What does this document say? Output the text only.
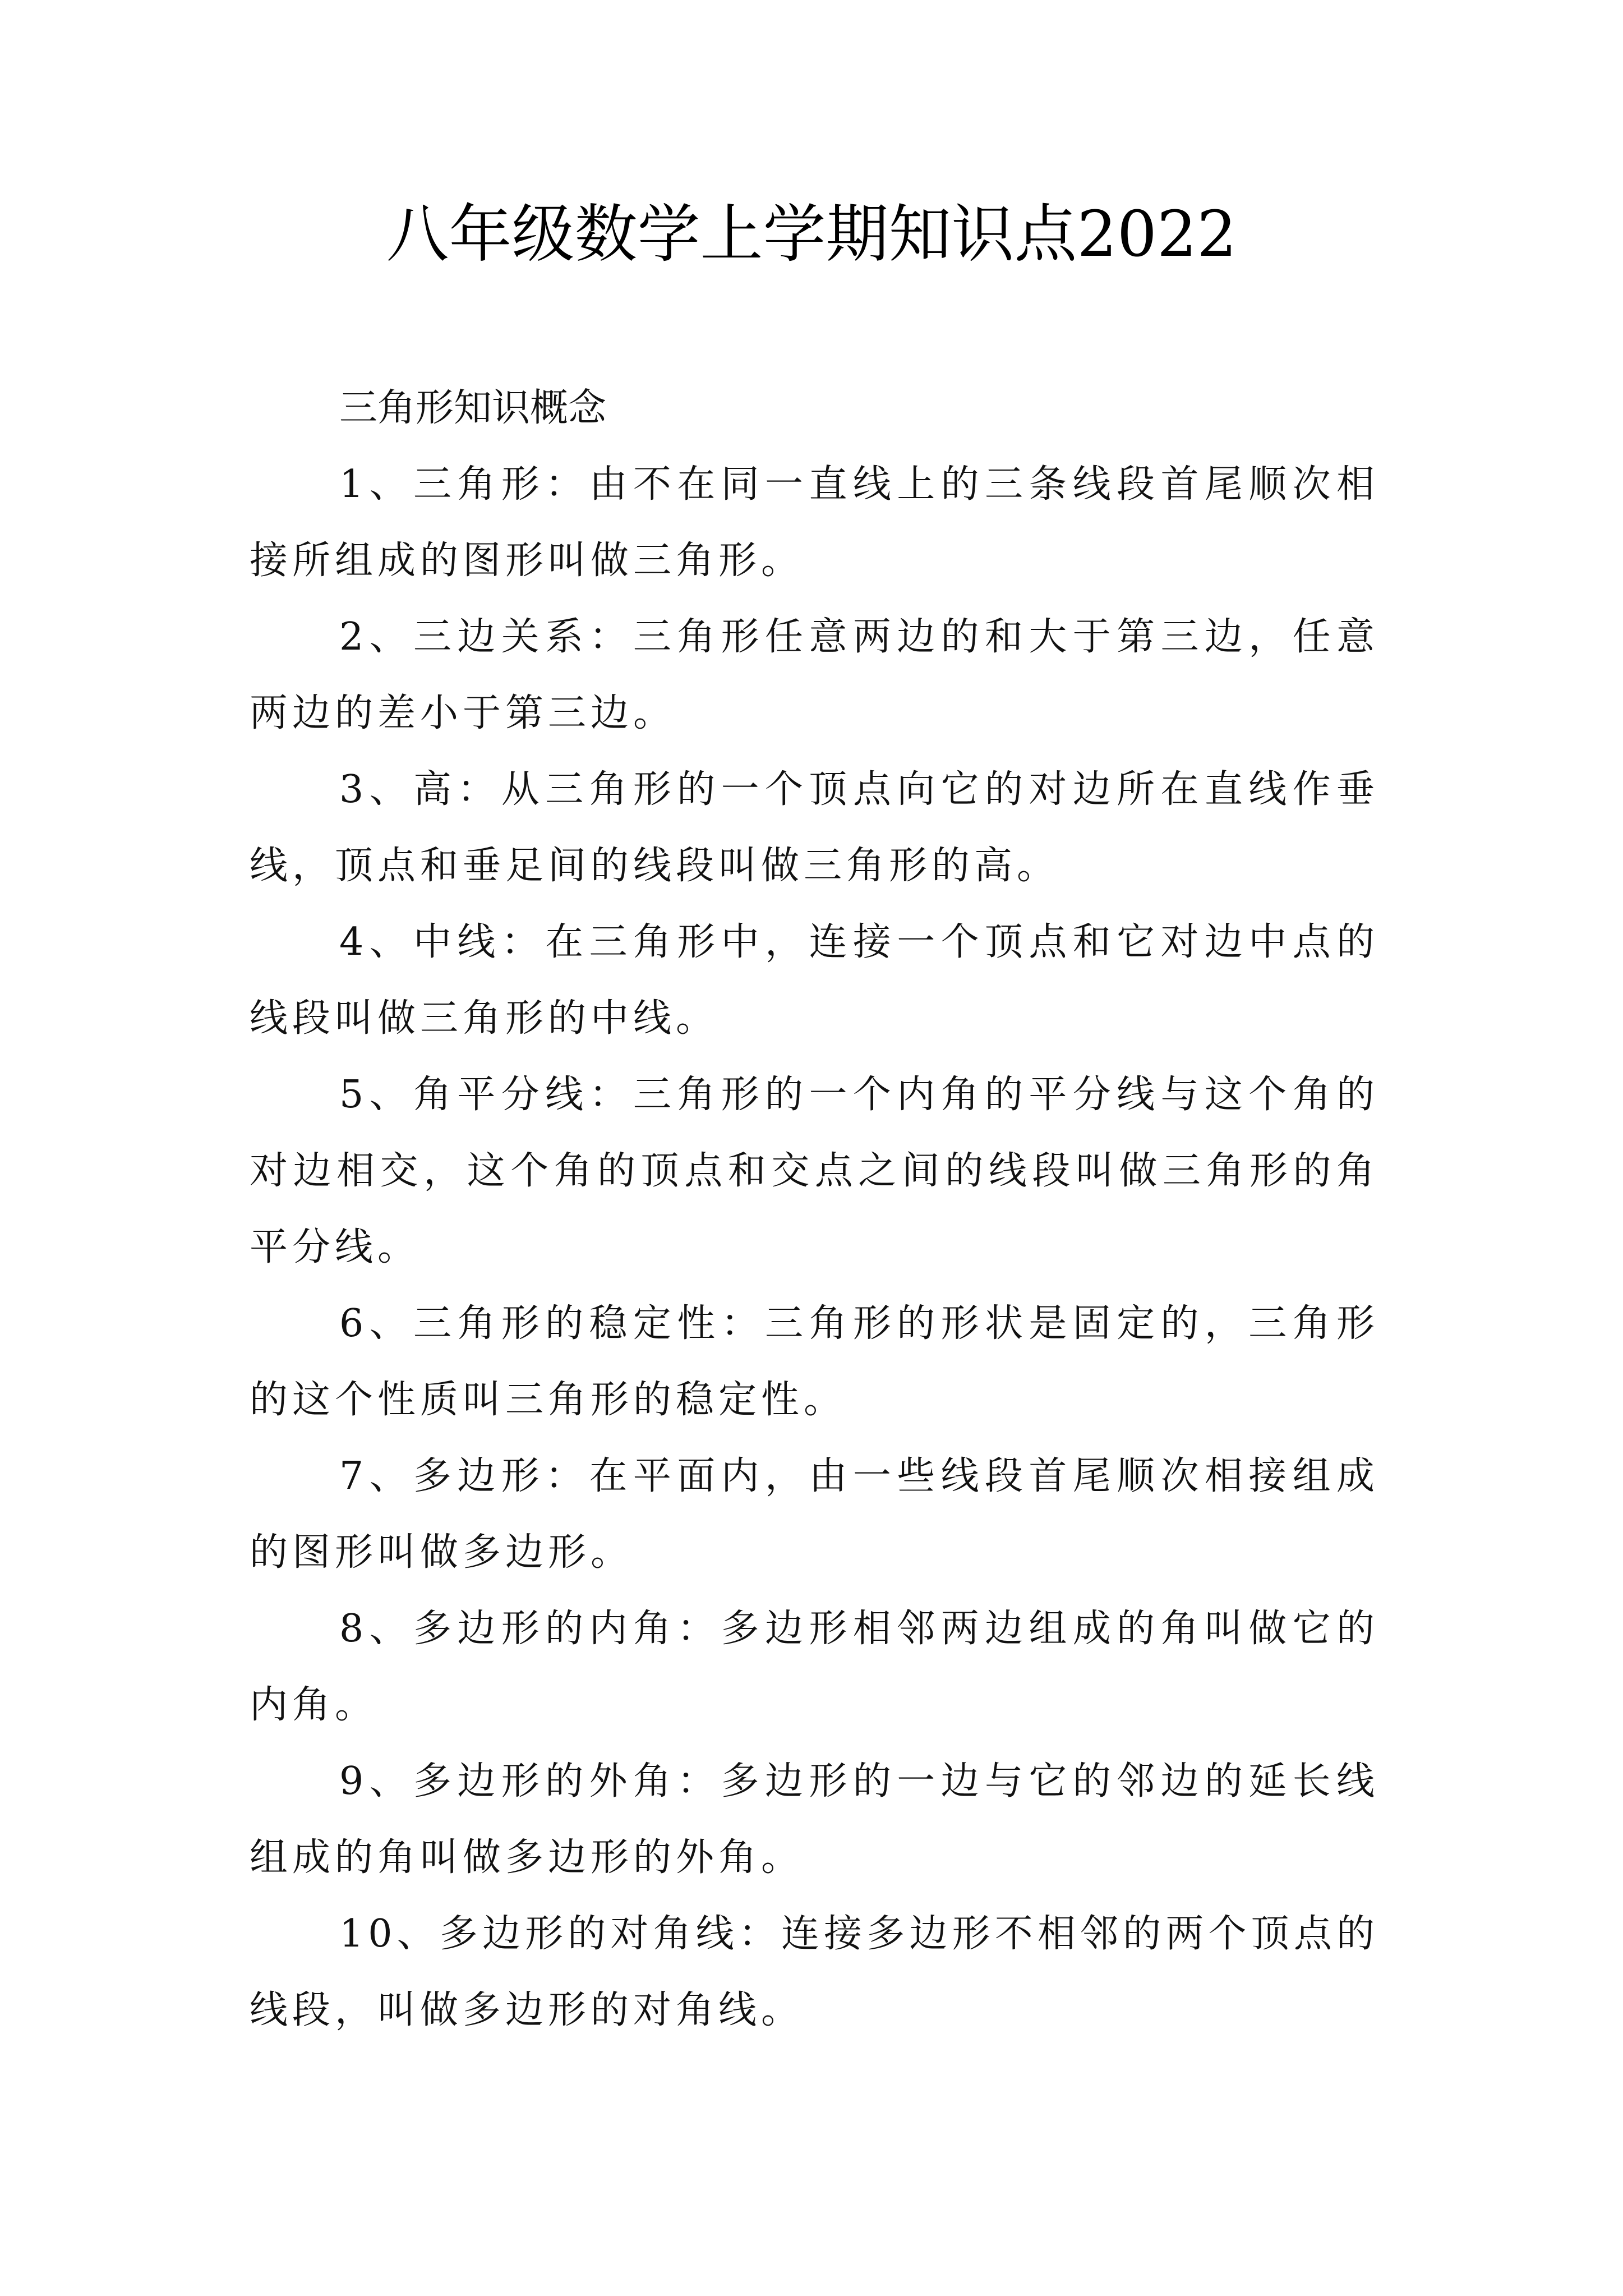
八年级数学上学期知识点2022

三角形知识概念

1、三角形：由不在同一直线上的三条线段首尾顺次相接所组成的图形叫做三角形。

2、三边关系：三角形任意两边的和大于第三边，任意两边的差小于第三边。

3、高：从三角形的一个顶点向它的对边所在直线作垂线，顶点和垂足间的线段叫做三角形的高。

4、中线：在三角形中，连接一个顶点和它对边中点的线段叫做三角形的中线。

5、角平分线：三角形的一个内角的平分线与这个角的对边相交，这个角的顶点和交点之间的线段叫做三角形的角平分线。

6、三角形的稳定性：三角形的形状是固定的，三角形的这个性质叫三角形的稳定性。

7、多边形：在平面内，由一些线段首尾顺次相接组成的图形叫做多边形。

8、多边形的内角：多边形相邻两边组成的角叫做它的内角。

9、多边形的外角：多边形的一边与它的邻边的延长线组成的角叫做多边形的外角。

10、多边形的对角线：连接多边形不相邻的两个顶点的线段，叫做多边形的对角线。
